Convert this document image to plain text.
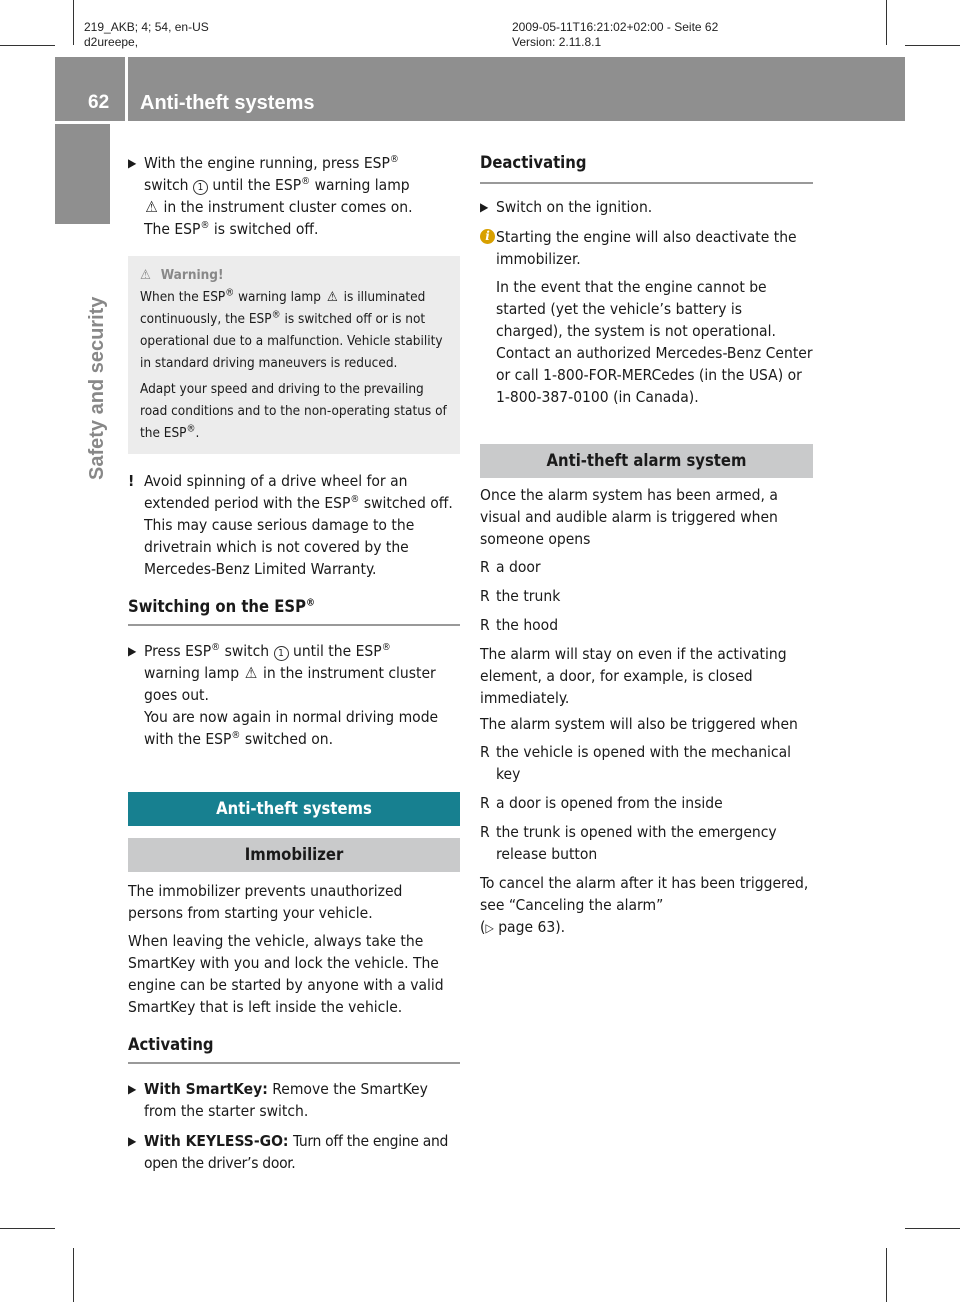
219_AKB; 4; 54, en-US
d2ureepe,
2009-05-11T16:21:02+02:00 - Seite 62
Version: 2.11.8.1
62 Anti-theft systems
Safety and security
▶ With the engine running, press ESP®
switch 1 until the ESP® warning lamp
⚠ in the instrument cluster comes on.
The ESP® is switched off.
⚠ Warning!

When the ESP® warning lamp ⚠ is illuminated continuously, the ESP® is switched off or is not operational due to a malfunction. Vehicle stability in standard driving maneuvers is reduced.

Adapt your speed and driving to the prevailing road conditions and to the non-operating status of the ESP®.

! Avoid spinning of a drive wheel for an extended period with the ESP® switched off. This may cause serious damage to the drivetrain which is not covered by the Mercedes-Benz Limited Warranty.

Switching on the ESP®

▶ Press ESP® switch 1 until the ESP®
warning lamp ⚠ in the instrument cluster goes out.
You are now again in normal driving mode with the ESP® switched on.
Anti-theft systems
Immobilizer

The immobilizer prevents unauthorized persons from starting your vehicle.

When leaving the vehicle, always take the SmartKey with you and lock the vehicle. The engine can be started by anyone with a valid SmartKey that is left inside the vehicle.

Activating

▶ With SmartKey: Remove the SmartKey from the starter switch.
▶ With KEYLESS-GO: Turn off the engine and open the driver’s door.

Deactivating

▶ Switch on the ignition.
i Starting the engine will also deactivate the immobilizer.

In the event that the engine cannot be started (yet the vehicle’s battery is charged), the system is not operational. Contact an authorized Mercedes-Benz Center or call 1-800-FOR-MERCedes (in the USA) or 1-800-387-0100 (in Canada).

Anti-theft alarm system

Once the alarm system has been armed, a visual and audible alarm is triggered when someone opens

R a door
R the trunk
R the hood

The alarm will stay on even if the activating element, a door, for example, is closed immediately.

The alarm system will also be triggered when

R the vehicle is opened with the mechanical key
R a door is opened from the inside
R the trunk is opened with the emergency release button

To cancel the alarm after it has been triggered, see “Canceling the alarm”
(▷ page 63).
